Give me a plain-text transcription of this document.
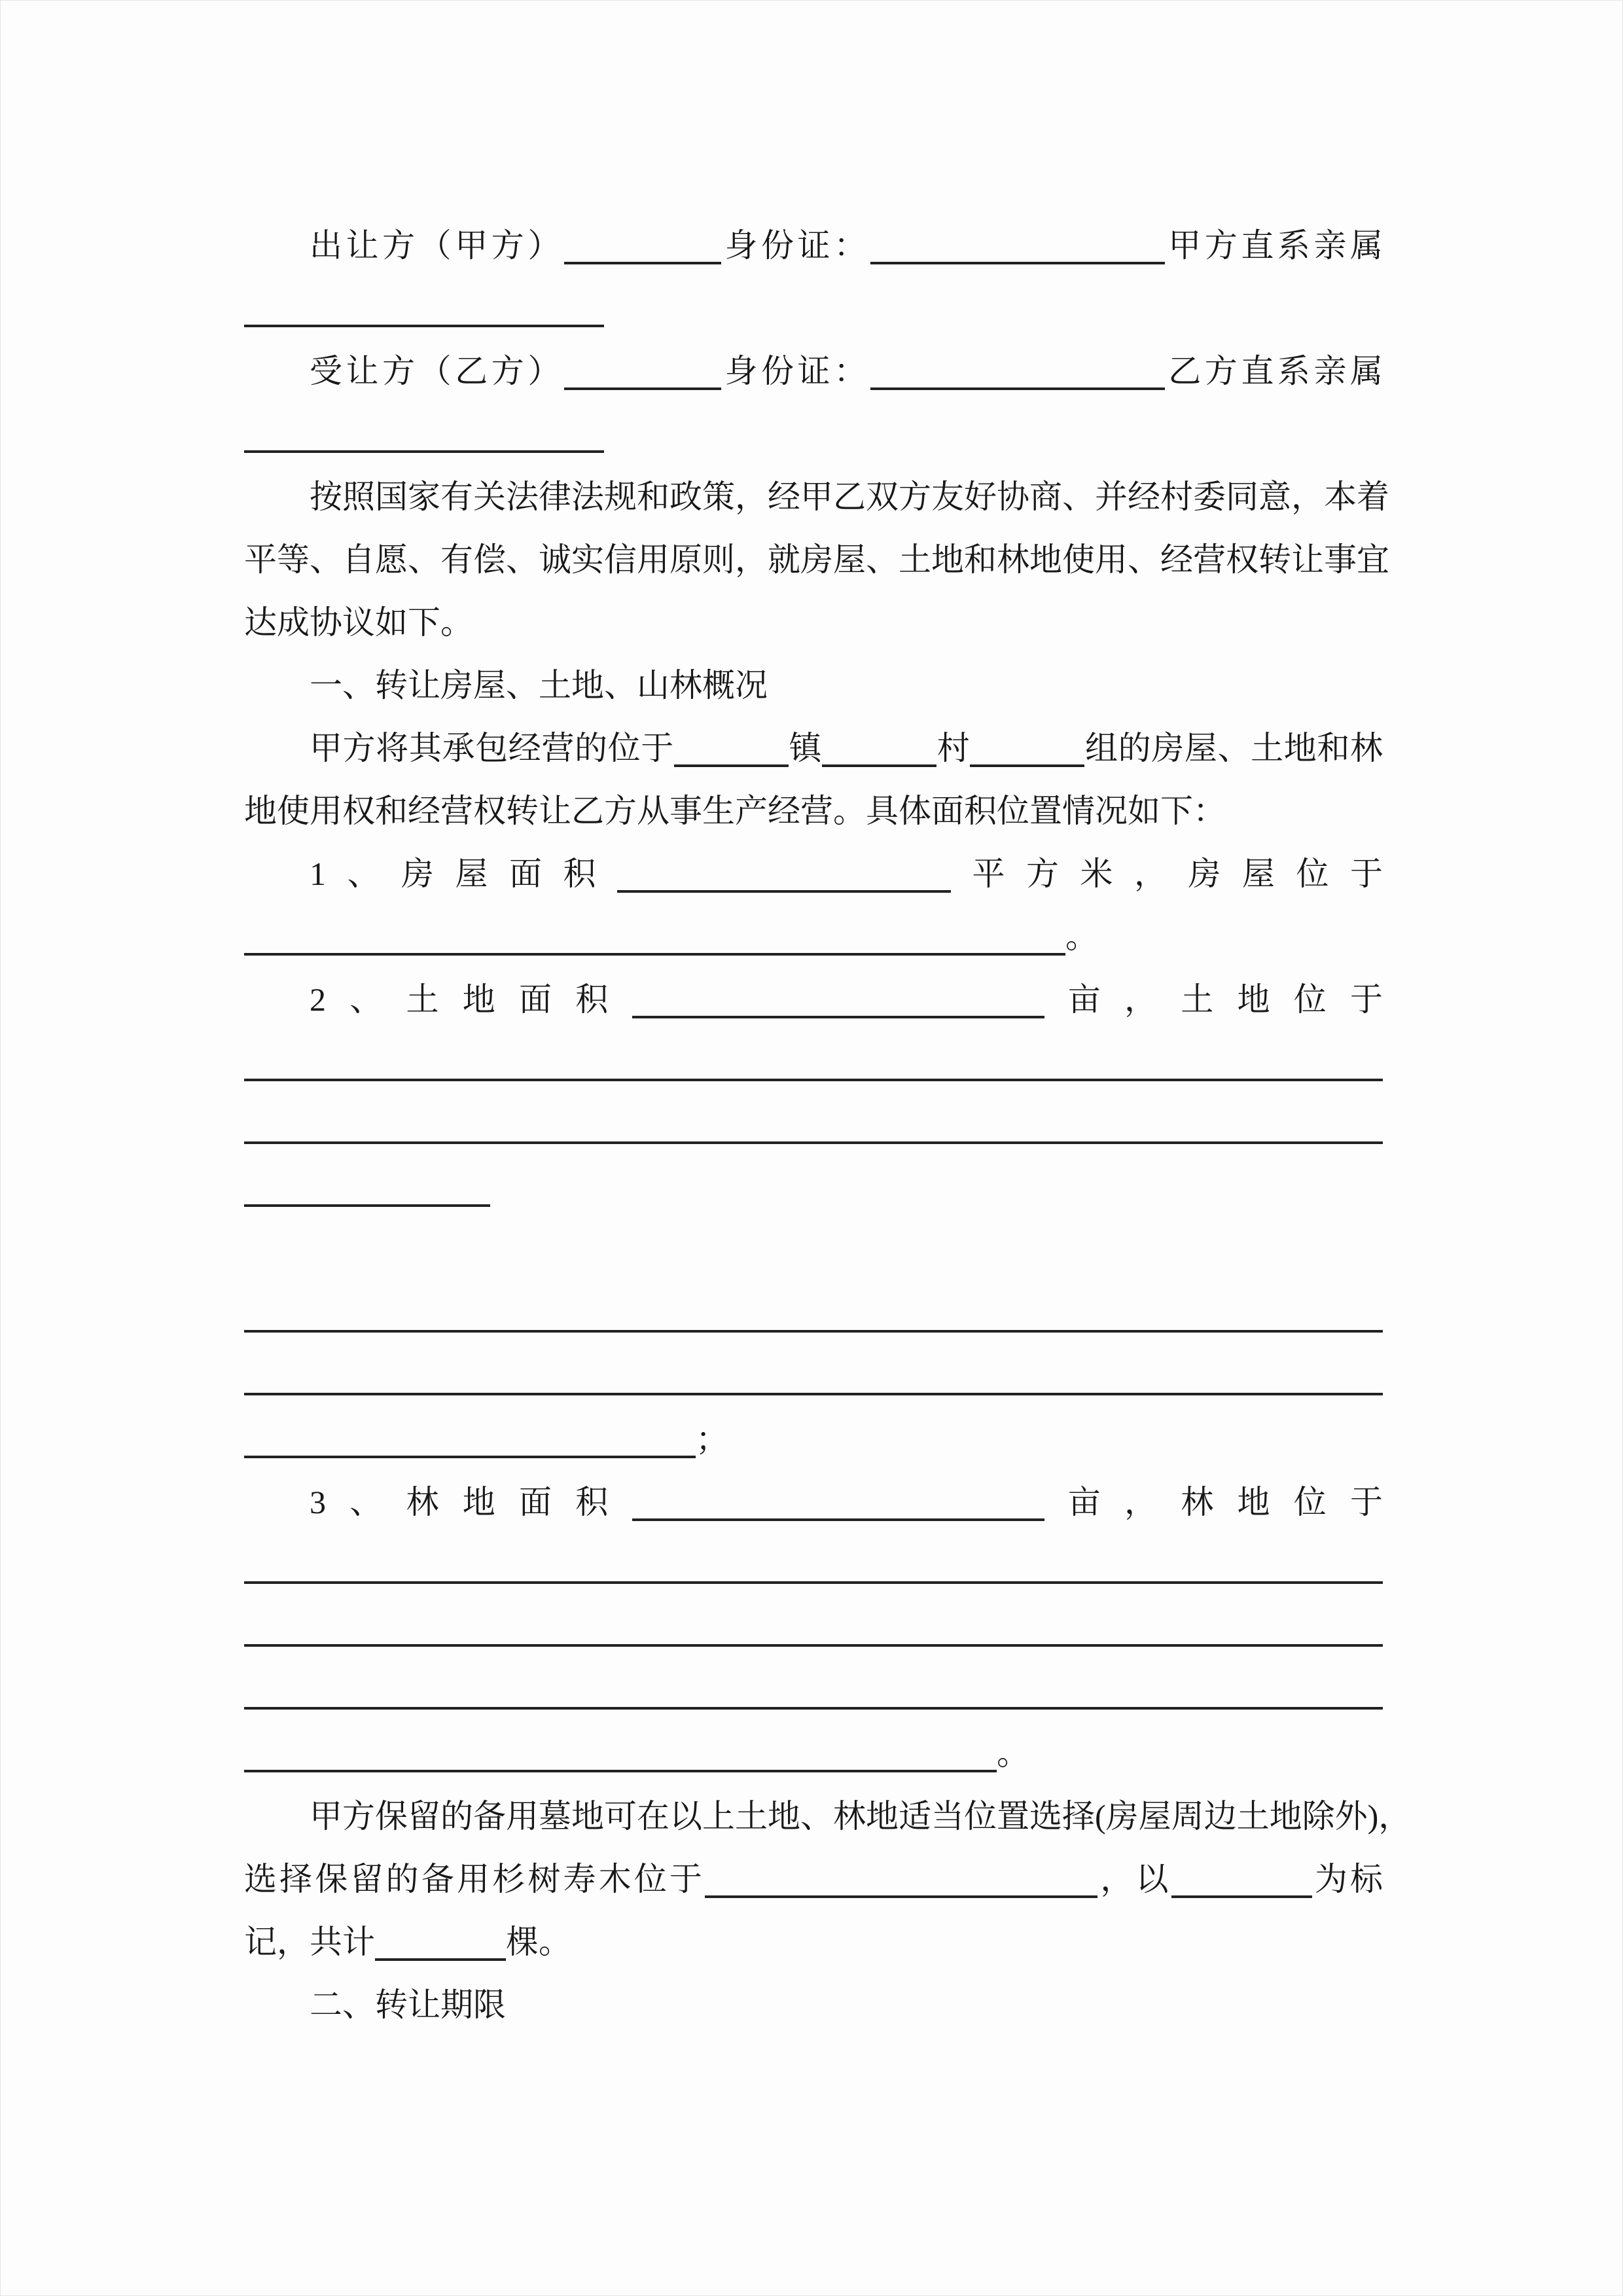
出让方（甲方）	身份证：	甲方直系亲属
受让方（乙方）	身份证：	乙方直系亲属
按照国家有关法律法规和政策，经甲乙双方友好协商、并经村委同意，本着
平等、自愿、有偿、诚实信用原则，就房屋、土地和林地使用、经营权转让事宜
达成协议如下。
一、转让房屋、土地、山林概况
甲方将其承包经营的位于	镇	村	组的房屋、土地和林
地使用权和经营权转让乙方从事生产经营。具体面积位置情况如下：
1、房屋面积	平方米，房屋位于
。
2、土地面积	亩，土地位于
；
3、林地面积	亩，林地位于
。
甲方保留的备用墓地可在以上土地、林地适当位置选择(房屋周边土地除外)，
选择保留的备用杉树寿木位于	，以	为标
记，共计	棵。
二、转让期限
